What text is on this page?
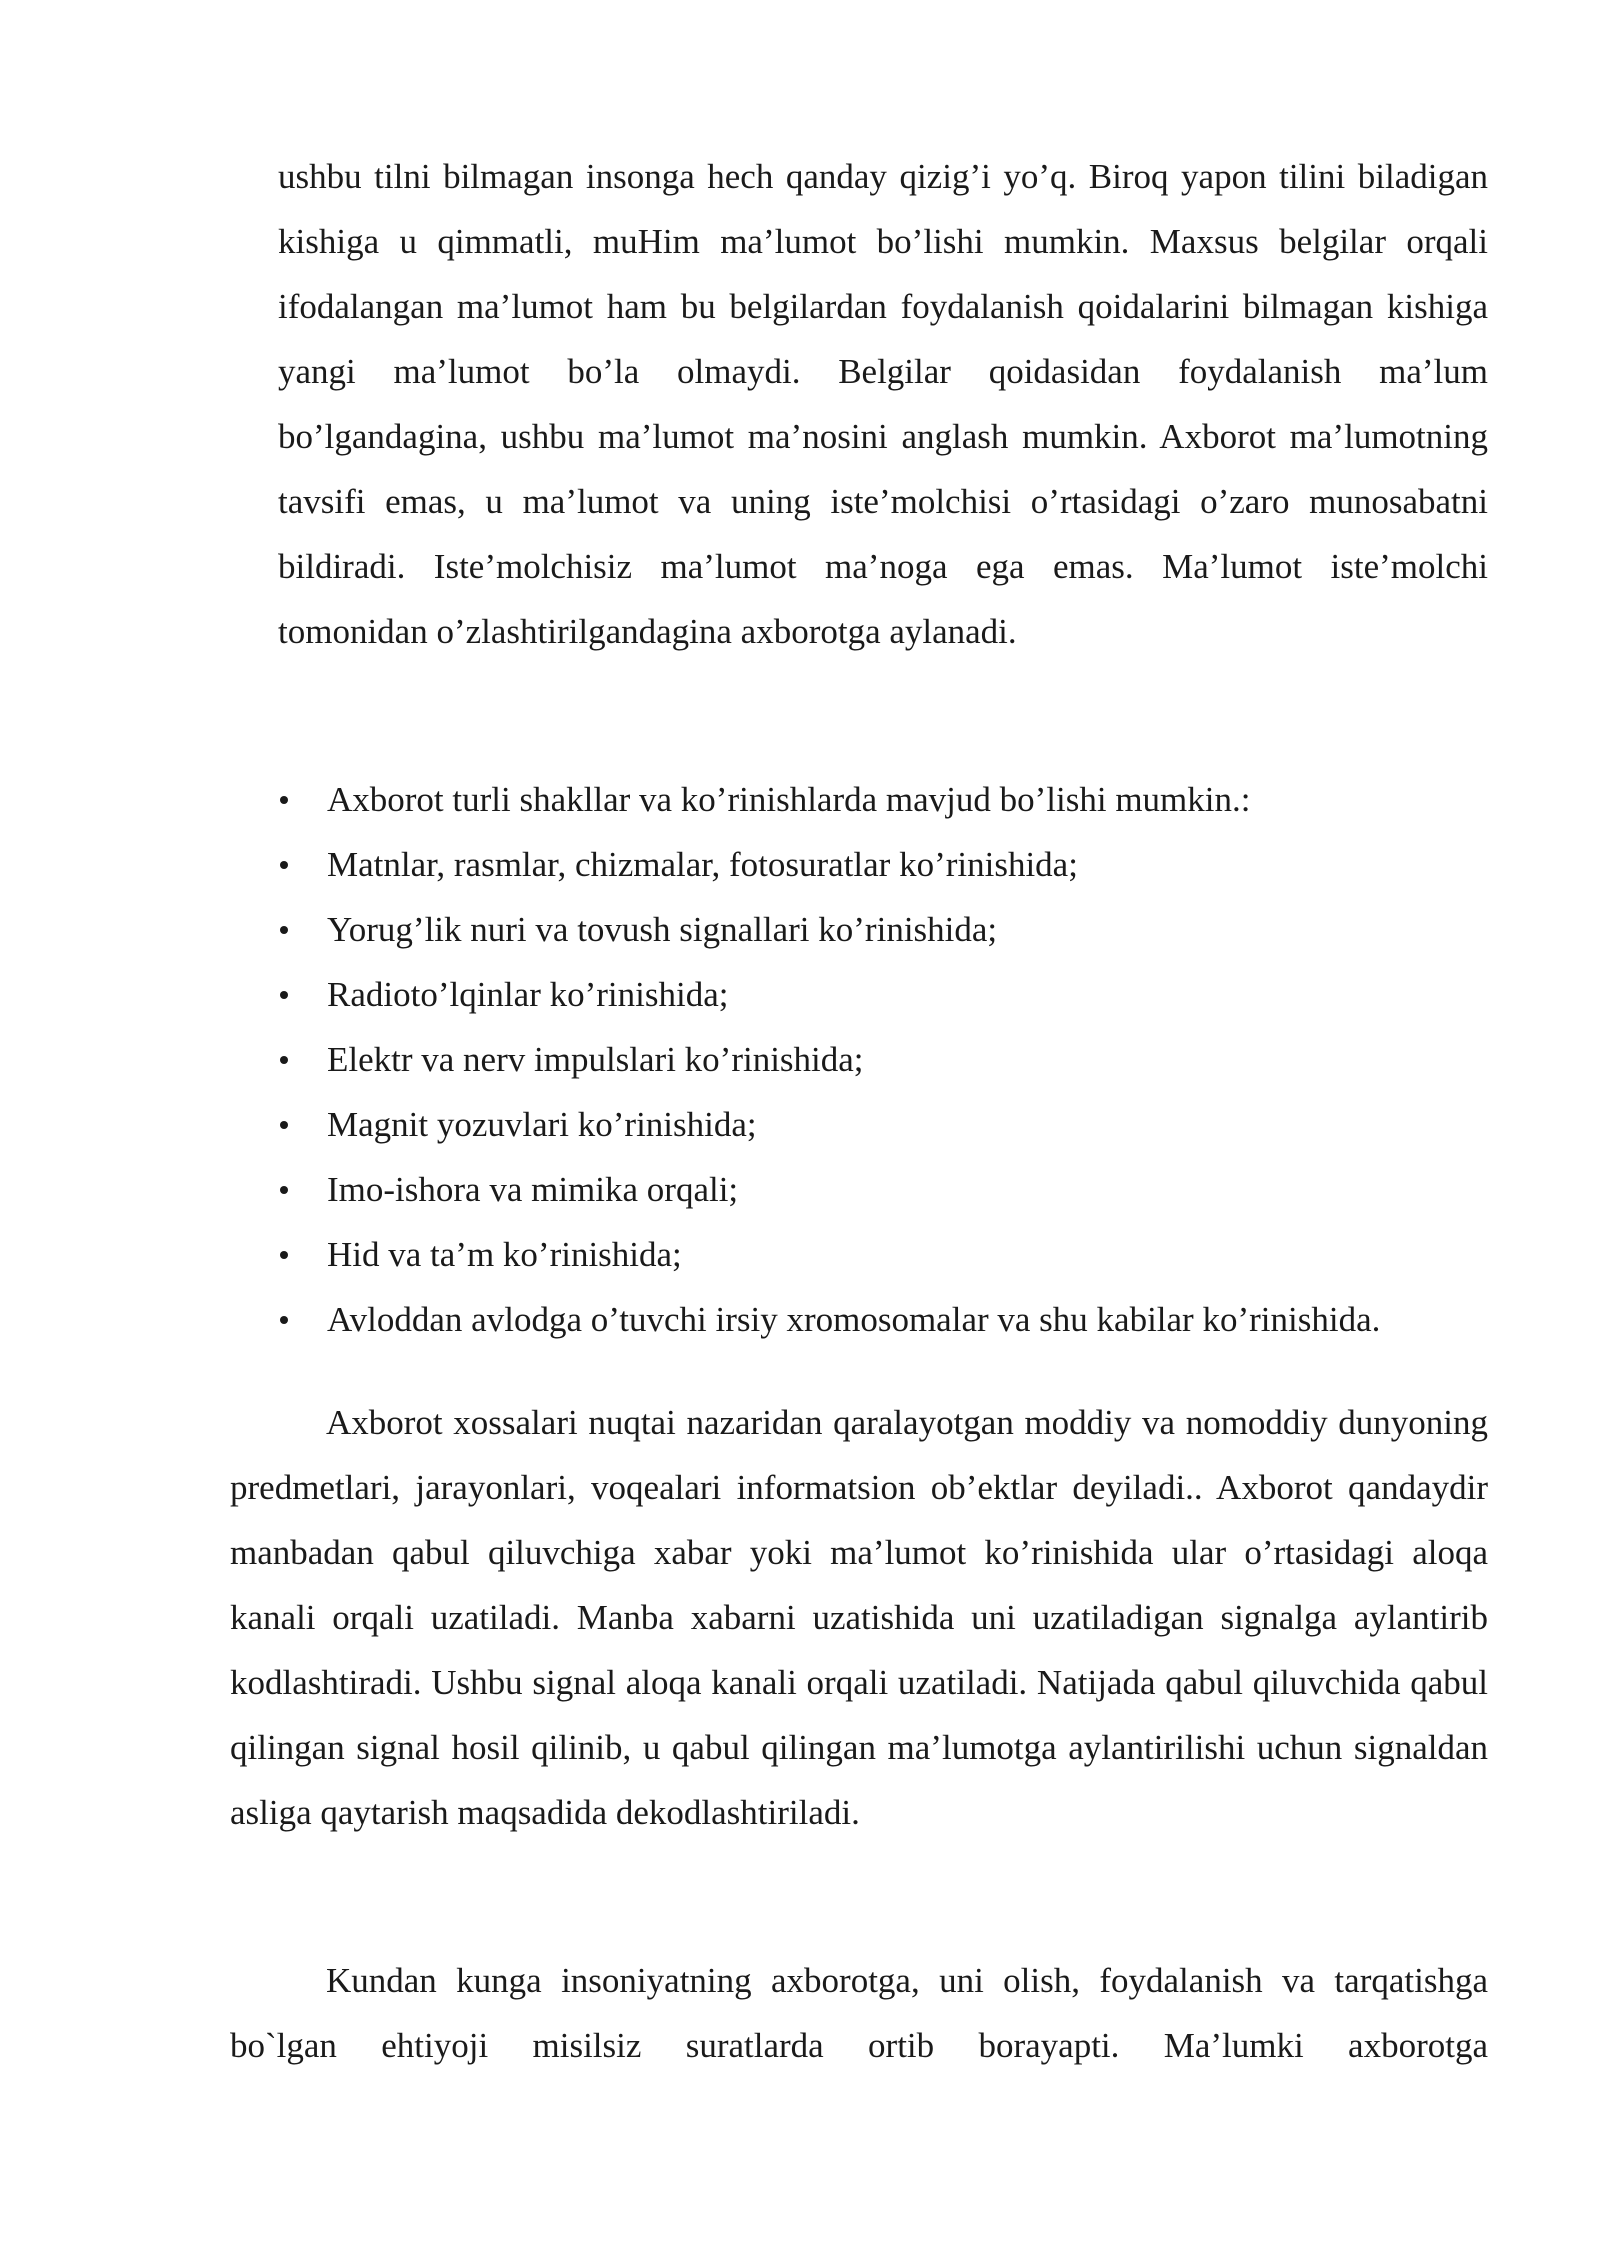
ushbu tilni bilmagan insonga hech qanday qizig’i yo’q. Biroq yapon tilini biladigan kishiga u qimmatli, muHim ma’lumot bo’lishi mumkin. Maxsus belgilar orqali ifodalangan ma’lumot ham bu belgilardan foydalanish qoidalarini bilmagan kishiga yangi ma’lumot bo’la olmaydi. Belgilar qoidasidan foydalanish ma’lum bo’lgandagina, ushbu ma’lumot ma’nosini anglash mumkin. Axborot ma’lumotning tavsifi emas, u ma’lumot va uning iste’molchisi o’rtasidagi o’zaro munosabatni bildiradi. Iste’molchisiz ma’lumot ma’noga ega emas. Ma’lumot iste’molchi tomonidan o’zlashtirilgandagina axborotga aylanadi.

Axborot turli shakllar va ko’rinishlarda mavjud bo’lishi mumkin.:
Matnlar, rasmlar, chizmalar, fotosuratlar ko’rinishida;
Yorug’lik nuri va tovush signallari ko’rinishida;
Radioto’lqinlar ko’rinishida;
Elektr va nerv impulslari ko’rinishida;
Magnit yozuvlari ko’rinishida;
Imo-ishora va mimika orqali;
Hid va ta’m ko’rinishida;
Avloddan avlodga o’tuvchi irsiy xromosomalar va shu kabilar ko’rinishida.

Axborot xossalari nuqtai nazaridan qaralayotgan moddiy va nomoddiy dunyoning predmetlari, jarayonlari, voqealari informatsion ob’ektlar deyiladi.. Axborot qandaydir manbadan qabul qiluvchiga xabar yoki ma’lumot ko’rinishida ular o’rtasidagi aloqa kanali orqali uzatiladi. Manba xabarni uzatishida uni uzatiladigan signalga aylantirib kodlashtiradi. Ushbu signal aloqa kanali orqali uzatiladi. Natijada qabul qiluvchida qabul qilingan signal hosil qilinib, u qabul qilingan ma’lumotga aylantirilishi uchun signaldan asliga qaytarish maqsadida dekodlashtiriladi.

Kundan kunga insoniyatning axborotga, uni olish, foydalanish va tarqatishga bo`lgan ehtiyoji misilsiz suratlarda ortib borayapti. Ma’lumki axborotga
